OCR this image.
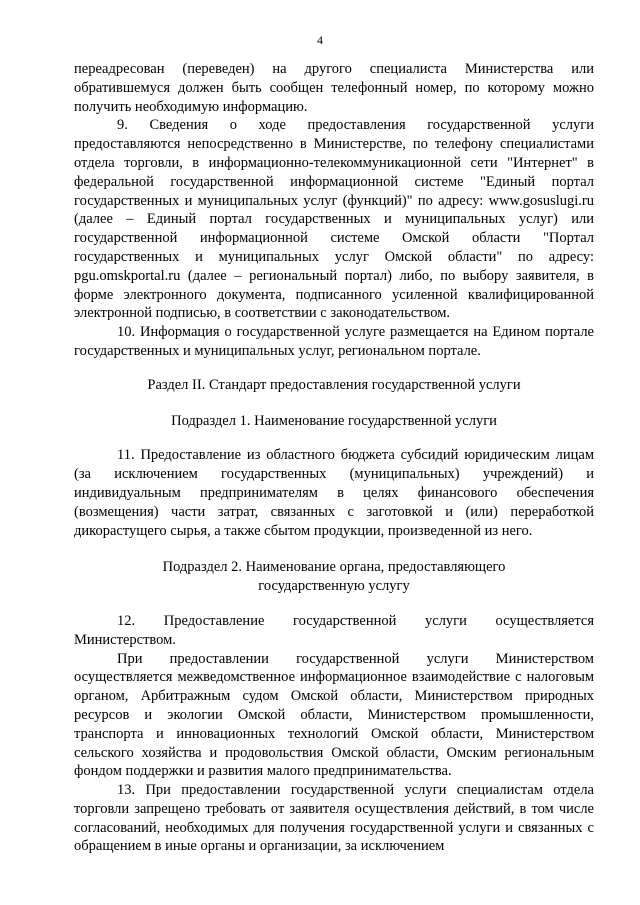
4

переадресован (переведен) на другого специалиста Министерства или обратившемуся должен быть сообщен телефонный номер, по которому можно получить необходимую информацию.

9. Сведения о ходе предоставления государственной услуги предоставляются непосредственно в Министерстве, по телефону специалистами отдела торговли, в информационно-телекоммуникационной сети "Интернет" в федеральной государственной информационной системе "Единый портал государственных и муниципальных услуг (функций)" по адресу: www.gosuslugi.ru (далее – Единый портал государственных и муниципальных услуг) или государственной информационной системе Омской области "Портал государственных и муниципальных услуг Омской области" по адресу: pgu.omskportal.ru (далее – региональный портал) либо, по выбору заявителя, в форме электронного документа, подписанного усиленной квалифицированной электронной подписью, в соответствии с законодательством.

10. Информация о государственной услуге размещается на Едином портале государственных и муниципальных услуг, региональном портале.

Раздел II. Стандарт предоставления государственной услуги

Подраздел 1. Наименование государственной услуги

11. Предоставление из областного бюджета субсидий юридическим лицам (за исключением государственных (муниципальных) учреждений) и индивидуальным предпринимателям в целях финансового обеспечения (возмещения) части затрат, связанных с заготовкой и (или) переработкой дикорастущего сырья, а также сбытом продукции, произведенной из него.

Подраздел 2. Наименование органа, предоставляющего
государственную услугу

12. Предоставление государственной услуги осуществляется Министерством.

При предоставлении государственной услуги Министерством осуществляется межведомственное информационное взаимодействие с налоговым органом, Арбитражным судом Омской области, Министерством природных ресурсов и экологии Омской области, Министерством промышленности, транспорта и инновационных технологий Омской области, Министерством сельского хозяйства и продовольствия Омской области, Омским региональным фондом поддержки и развития малого предпринимательства.

13. При предоставлении государственной услуги специалистам отдела торговли запрещено требовать от заявителя осуществления действий, в том числе согласований, необходимых для получения государственной услуги и связанных с обращением в иные органы и организации, за исключением
